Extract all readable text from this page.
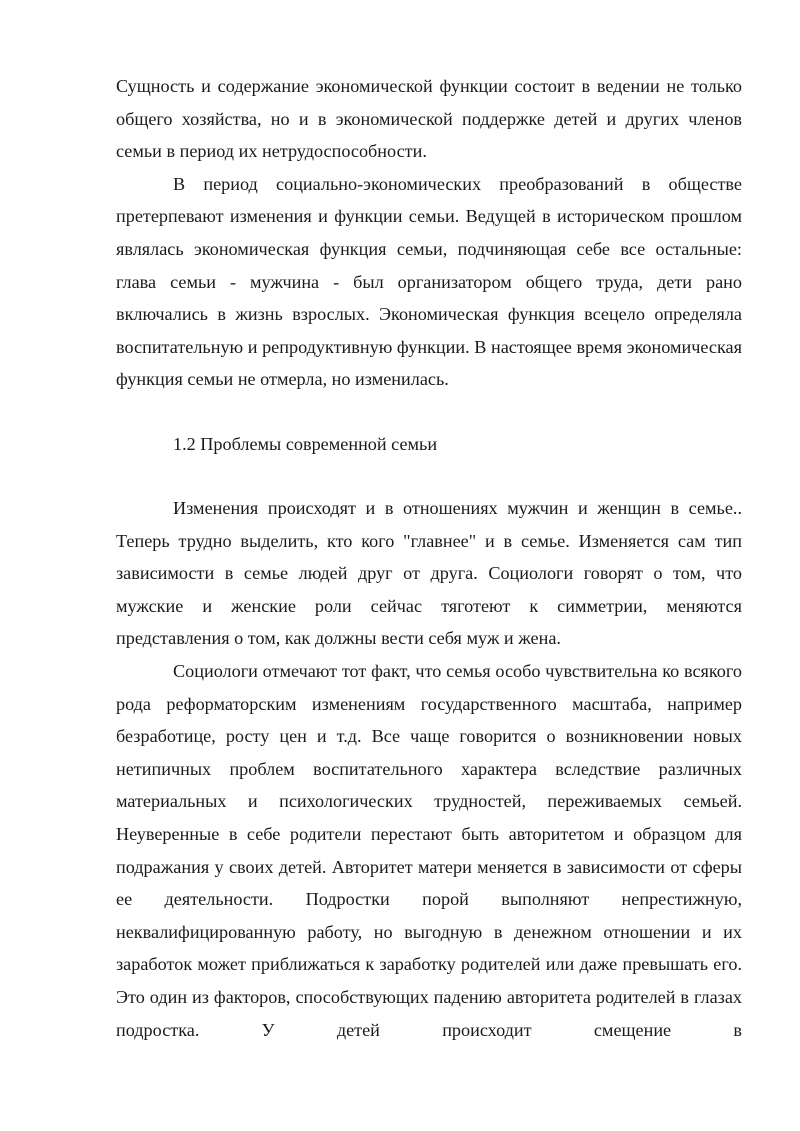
Сущность и содержание экономической функции состоит в ведении не только общего хозяйства, но и в экономической поддержке детей и других членов семьи в период их нетрудоспособности.

В период социально-экономических преобразований в обществе претерпевают изменения и функции семьи. Ведущей в историческом прошлом являлась экономическая функция семьи, подчиняющая себе все остальные: глава семьи - мужчина - был организатором общего труда, дети рано включались в жизнь взрослых. Экономическая функция всецело определяла воспитательную и репродуктивную функции. В настоящее время экономическая функция семьи не отмерла, но изменилась.

1.2 Проблемы современной семьи

Изменения происходят и в отношениях мужчин и женщин в семье.. Теперь трудно выделить, кто кого "главнее" и в семье. Изменяется сам тип зависимости в семье людей друг от друга. Социологи говорят о том, что мужские и женские роли сейчас тяготеют к симметрии, меняются представления о том, как должны вести себя муж и жена.

Социологи отмечают тот факт, что семья особо чувствительна ко всякого рода реформаторским изменениям государственного масштаба, например безработице, росту цен и т.д. Все чаще говорится о возникновении новых нетипичных проблем воспитательного характера вследствие различных материальных и психологических трудностей, переживаемых семьей. Неуверенные в себе родители перестают быть авторитетом и образцом для подражания у своих детей. Авторитет матери меняется в зависимости от сферы ее деятельности. Подростки порой выполняют непрестижную, неквалифицированную работу, но выгодную в денежном отношении и их заработок может приближаться к заработку родителей или даже превышать его. Это один из факторов, способствующих падению авторитета родителей в глазах подростка. У детей происходит смещение в
